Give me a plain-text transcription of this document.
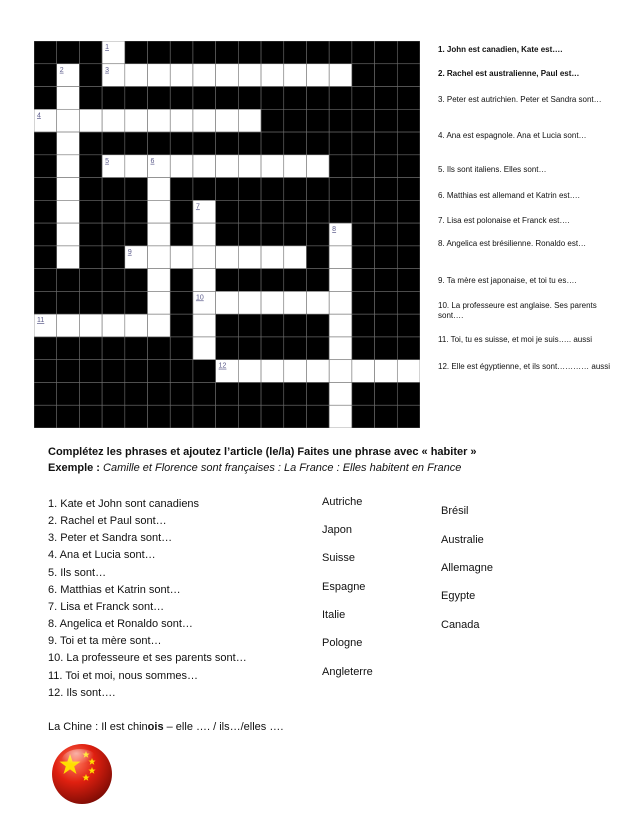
1
2	3
4
5	6
7
8
9
10
11
12
1. John est canadien, Kate est….
2. Rachel est australienne, Paul est…
3. Peter est autrichien. Peter et Sandra sont…
4. Ana est espagnole. Ana et Lucia sont…
5. Ils sont italiens. Elles sont…
6. Matthias est allemand et Katrin est….
7. Lisa est polonaise et Franck est….
8. Angelica est brésilienne. Ronaldo est…
9. Ta mère est japonaise, et toi tu es….
10. La professeure est anglaise. Ses parents sont….
11. Toi, tu es suisse, et moi je suis….. aussi
12. Elle est égyptienne, et ils sont………… aussi
Complétez les phrases et ajoutez l’article (le/la) Faites une phrase avec « habiter »
Exemple : Camille et Florence sont françaises : La France : Elles habitent en France
1. Kate et John sont canadiens
2. Rachel et Paul sont…
3. Peter et Sandra sont…
4. Ana et Lucia sont…
5. Ils sont…
6. Matthias et Katrin sont…
7. Lisa et Franck sont…
8. Angelica et Ronaldo sont…
9. Toi et ta mère sont…
10. La professeure et ses parents sont…
11. Toi et moi, nous sommes…
12. Ils sont….
Autriche
Japon
Suisse
Espagne
Italie
Pologne
Angleterre
Brésil
Australie
Allemagne
Egypte
Canada
La Chine : Il est chinois – elle …. / ils…/elles ….
